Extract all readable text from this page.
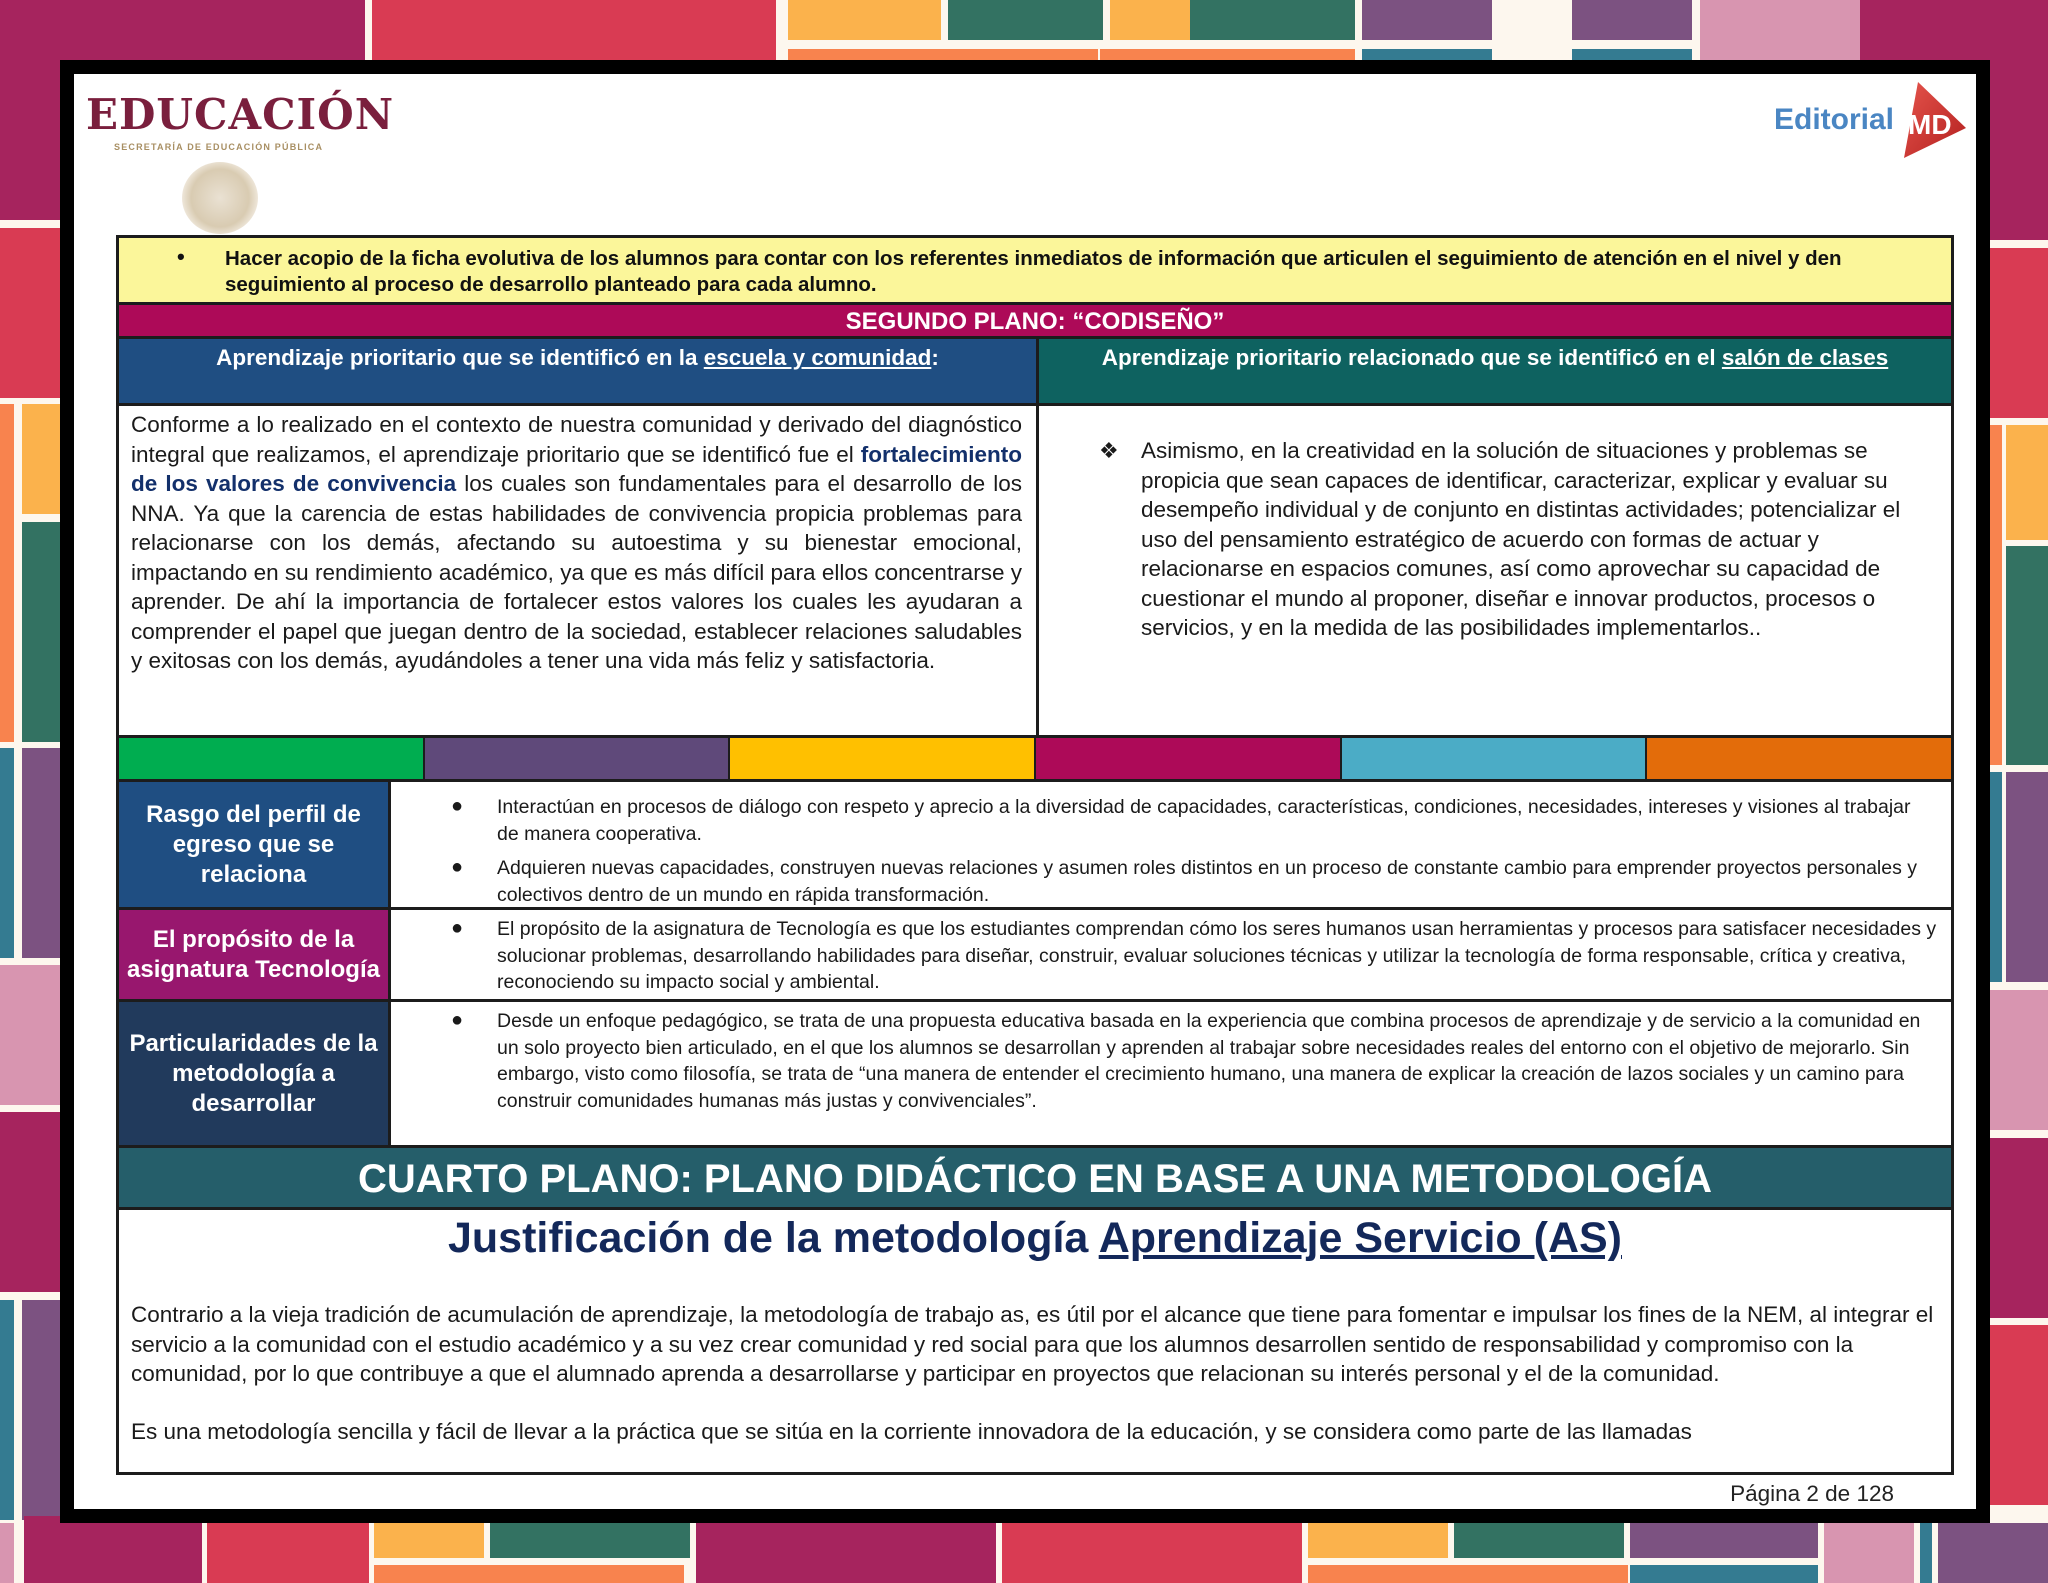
EDUCACIÓN
SECRETARÍA DE EDUCACIÓN PÚBLICA
Editorial MD
•	Hacer acopio de la ficha evolutiva de los alumnos para contar con los referentes inmediatos de información que articulen el seguimiento de atención en el nivel y den seguimiento al proceso de desarrollo planteado para cada alumno.
SEGUNDO PLANO: “CODISEÑO”
Aprendizaje prioritario que se identificó en la escuela y comunidad:	Aprendizaje prioritario relacionado que se identificó en el salón de clases
Conforme a lo realizado en el contexto de nuestra comunidad y derivado del diagnóstico integral que realizamos, el aprendizaje prioritario que se identificó fue el fortalecimiento de los valores de convivencia los cuales son fundamentales para el desarrollo de los NNA. Ya que la carencia de estas habilidades de convivencia propicia problemas para relacionarse con los demás, afectando su autoestima y su bienestar emocional, impactando en su rendimiento académico, ya que es más difícil para ellos concentrarse y aprender. De ahí la importancia de fortalecer estos valores los cuales les ayudaran a comprender el papel que juegan dentro de la sociedad, establecer relaciones saludables y exitosas con los demás, ayudándoles a tener una vida más feliz y satisfactoria.
❖ Asimismo, en la creatividad en la solución de situaciones y problemas se propicia que sean capaces de identificar, caracterizar, explicar y evaluar su desempeño individual y de conjunto en distintas actividades; potencializar el uso del pensamiento estratégico de acuerdo con formas de actuar y relacionarse en espacios comunes, así como aprovechar su capacidad de cuestionar el mundo al proponer, diseñar e innovar productos, procesos o servicios, y en la medida de las posibilidades implementarlos..
Rasgo del perfil de egreso que se relaciona
● Interactúan en procesos de diálogo con respeto y aprecio a la diversidad de capacidades, características, condiciones, necesidades, intereses y visiones al trabajar de manera cooperativa.
● Adquieren nuevas capacidades, construyen nuevas relaciones y asumen roles distintos en un proceso de constante cambio para emprender proyectos personales y colectivos dentro de un mundo en rápida transformación.
El propósito de la asignatura Tecnología
● El propósito de la asignatura de Tecnología es que los estudiantes comprendan cómo los seres humanos usan herramientas y procesos para satisfacer necesidades y solucionar problemas, desarrollando habilidades para diseñar, construir, evaluar soluciones técnicas y utilizar la tecnología de forma responsable, crítica y creativa, reconociendo su impacto social y ambiental.
Particularidades de la metodología a desarrollar
● Desde un enfoque pedagógico, se trata de una propuesta educativa basada en la experiencia que combina procesos de aprendizaje y de servicio a la comunidad en un solo proyecto bien articulado, en el que los alumnos se desarrollan y aprenden al trabajar sobre necesidades reales del entorno con el objetivo de mejorarlo. Sin embargo, visto como filosofía, se trata de “una manera de entender el crecimiento humano, una manera de explicar la creación de lazos sociales y un camino para construir comunidades humanas más justas y convivenciales”.
CUARTO PLANO: PLANO DIDÁCTICO EN BASE A UNA METODOLOGÍA
Justificación de la metodología Aprendizaje Servicio (AS)

Contrario a la vieja tradición de acumulación de aprendizaje, la metodología de trabajo as, es útil por el alcance que tiene para fomentar e impulsar los fines de la NEM, al integrar el servicio a la comunidad con el estudio académico y a su vez crear comunidad y red social para que los alumnos desarrollen sentido de responsabilidad y compromiso con la comunidad, por lo que contribuye a que el alumnado aprenda a desarrollarse y participar en proyectos que relacionan su interés personal y el de la comunidad.

Es una metodología sencilla y fácil de llevar a la práctica que se sitúa en la corriente innovadora de la educación, y se considera como parte de las llamadas

Página 2 de 128
